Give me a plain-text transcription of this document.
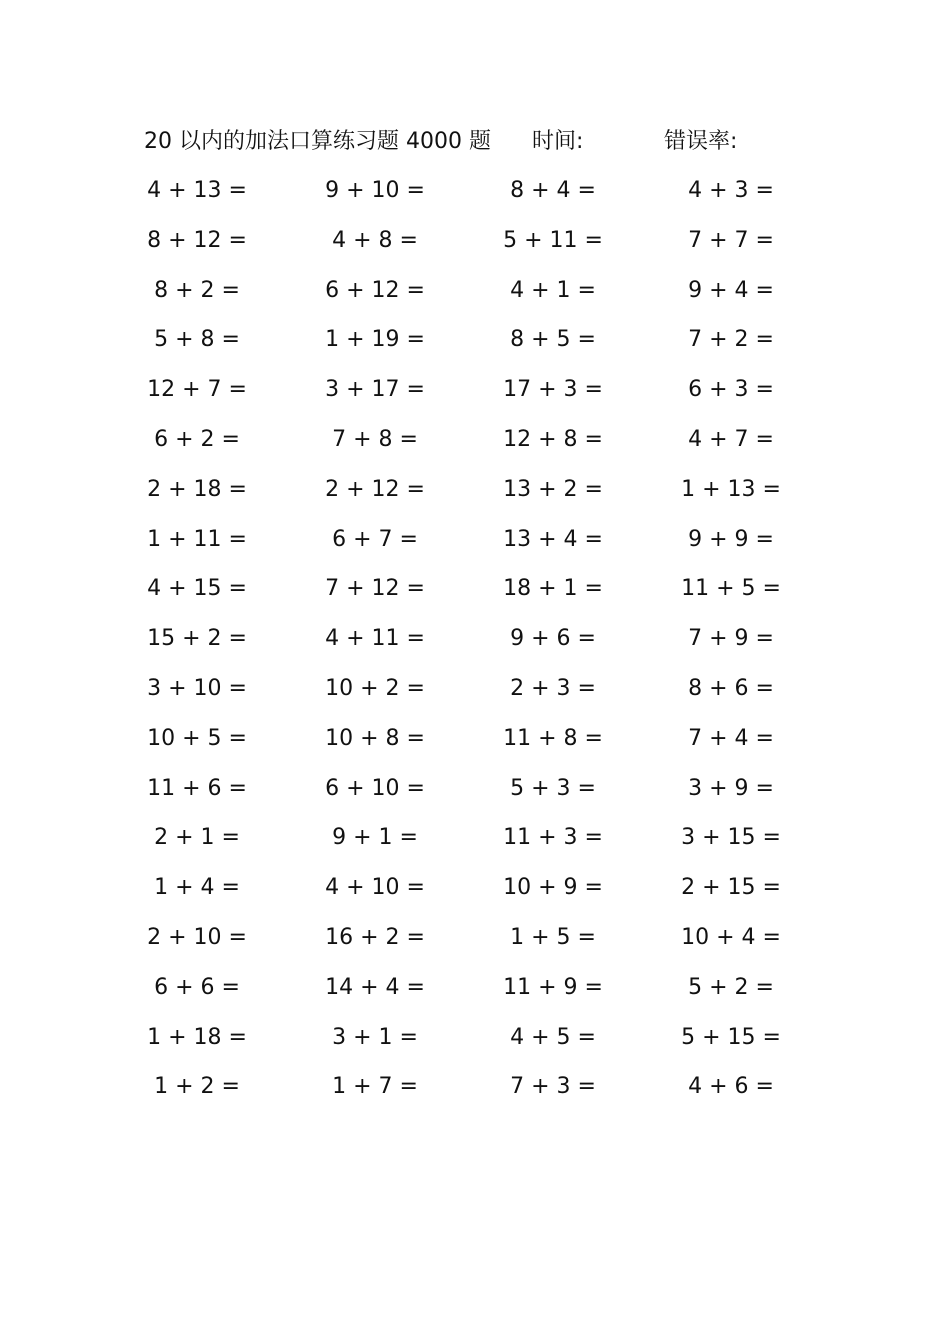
20 以内的加法口算练习题 4000 题 时间:	错误率:
4 + 13 =	9 + 10 =	8 + 4 =	4 + 3 =
8 + 12 =	4 + 8 =	5 + 11 =	7 + 7 =
8 + 2 =	6 + 12 =	4 + 1 =	9 + 4 =
5 + 8 =	1 + 19 =	8 + 5 =	7 + 2 =
12 + 7 =	3 + 17 =	17 + 3 =	6 + 3 =
6 + 2 =	7 + 8 =	12 + 8 =	4 + 7 =
2 + 18 =	2 + 12 =	13 + 2 =	1 + 13 =
1 + 11 =	6 + 7 =	13 + 4 =	9 + 9 =
4 + 15 =	7 + 12 =	18 + 1 =	11 + 5 =
15 + 2 =	4 + 11 =	9 + 6 =	7 + 9 =
3 + 10 =	10 + 2 =	2 + 3 =	8 + 6 =
10 + 5 =	10 + 8 =	11 + 8 =	7 + 4 =
11 + 6 =	6 + 10 =	5 + 3 =	3 + 9 =
2 + 1 =	9 + 1 =	11 + 3 =	3 + 15 =
1 + 4 =	4 + 10 =	10 + 9 =	2 + 15 =
2 + 10 =	16 + 2 =	1 + 5 =	10 + 4 =
6 + 6 =	14 + 4 =	11 + 9 =	5 + 2 =
1 + 18 =	3 + 1 =	4 + 5 =	5 + 15 =
1 + 2 =	1 + 7 =	7 + 3 =	4 + 6 =
